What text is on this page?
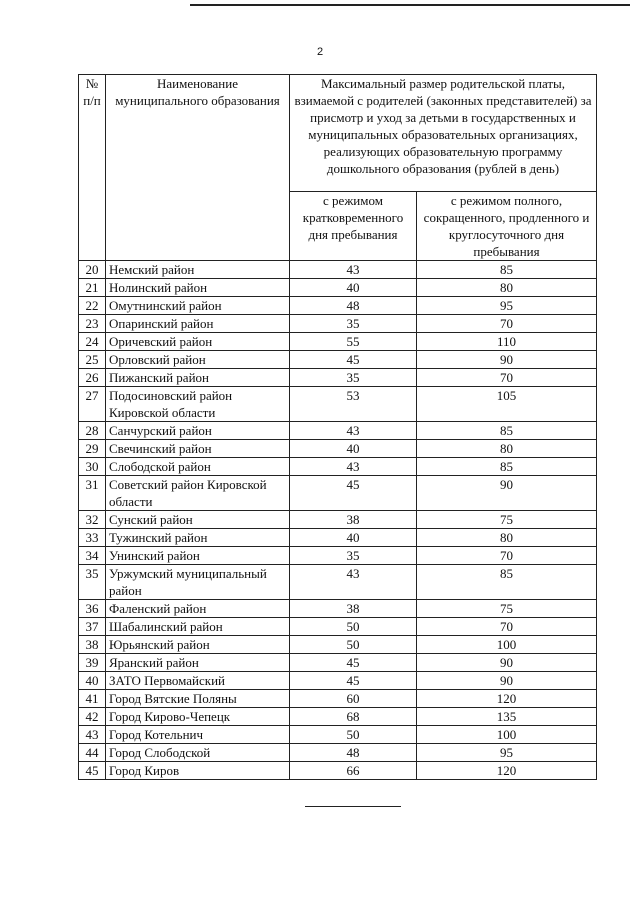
2
№ п/п	Наименование муниципального образования	Максимальный размер родительской платы, взимаемой с родителей (законных представителей) за присмотр и уход за детьми в государственных и муниципальных образовательных организациях, реализующих образовательную программу дошкольного образования (рублей в день)	
		с режимом кратковременного дня пребывания	с режимом полного, сокращенного, продленного и круглосуточного дня пребывания
20	Немский район	43	85
21	Нолинский район	40	80
22	Омутнинский район	48	95
23	Опаринский район	35	70
24	Оричевский район	55	110
25	Орловский район	45	90
26	Пижанский район	35	70
27	Подосиновский район Кировской области	53	105
28	Санчурский район	43	85
29	Свечинский район	40	80
30	Слободской район	43	85
31	Советский район Кировской области	45	90
32	Сунский район	38	75
33	Тужинский район	40	80
34	Унинский район	35	70
35	Уржумский муниципальный район	43	85
36	Фаленский район	38	75
37	Шабалинский район	50	70
38	Юрьянский район	50	100
39	Яранский район	45	90
40	ЗАТО Первомайский	45	90
41	Город Вятские Поляны	60	120
42	Город Кирово-Чепецк	68	135
43	Город Котельнич	50	100
44	Город Слободской	48	95
45	Город Киров	66	120
